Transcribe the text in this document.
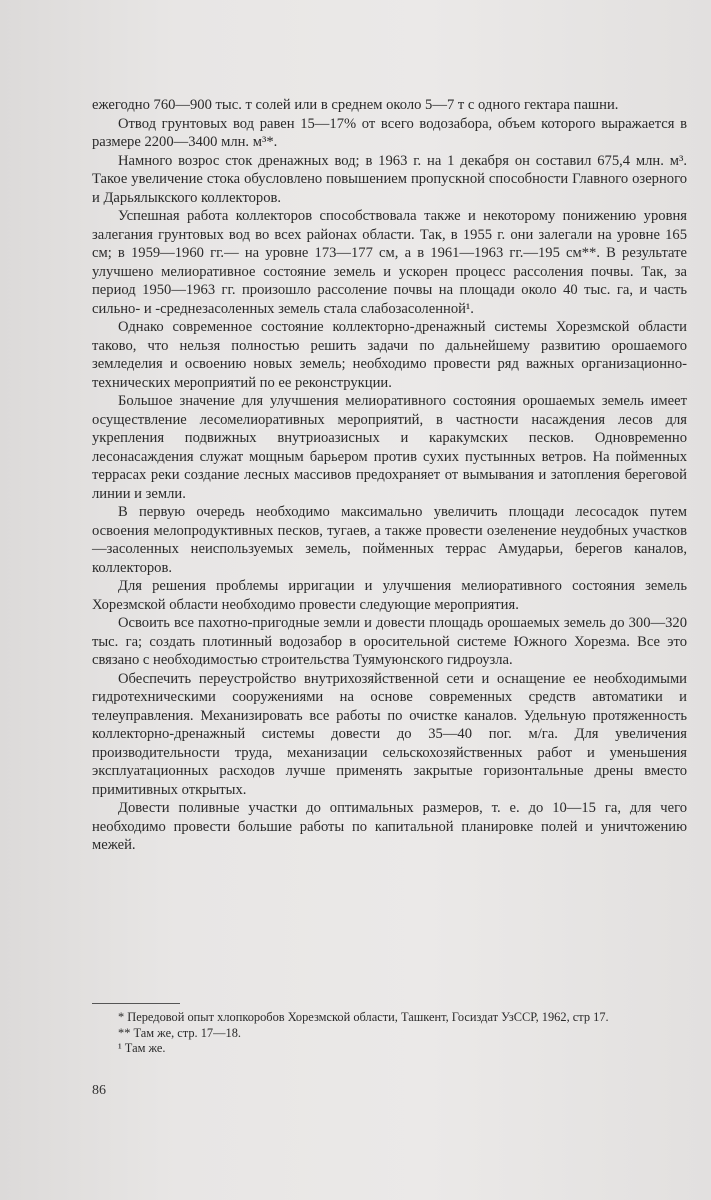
ежегодно 760—900 тыс. т солей или в среднем около 5—7 т с одного гектара пашни.

Отвод грунтовых вод равен 15—17% от всего водозабора, объем которого выражается в размере 2200—3400 млн. м³*.

Намного возрос сток дренажных вод; в 1963 г. на 1 декабря он составил 675,4 млн. м³. Такое увеличение стока обусловлено повышением пропускной способности Главного озерного и Дарьялыкского коллекторов.

Успешная работа коллекторов способствовала также и некоторому понижению уровня залегания грунтовых вод во всех районах области. Так, в 1955 г. они залегали на уровне 165 см; в 1959—1960 гг.— на уровне 173—177 см, а в 1961—1963 гг.—195 см**. В результате улучшено мелиоративное состояние земель и ускорен процесс рассоления почвы. Так, за период 1950—1963 гг. произошло рассоление почвы на площади около 40 тыс. га, и часть сильно- и -среднезасоленных земель стала слабозасоленной¹.

Однако современное состояние коллекторно-дренажный системы Хорезмской области таково, что нельзя полностью решить задачи по дальнейшему развитию орошаемого земледелия и освоению новых земель; необходимо провести ряд важных организационно-технических мероприятий по ее реконструкции.

Большое значение для улучшения мелиоративного состояния орошаемых земель имеет осуществление лесомелиоративных мероприятий, в частности насаждения лесов для укрепления подвижных внутриоазисных и каракумских песков. Одновременно лесонасаждения служат мощным барьером против сухих пустынных ветров. На пойменных террасах реки создание лесных массивов предохраняет от вымывания и затопления береговой линии и земли.

В первую очередь необходимо максимально увеличить площади лесосадок путем освоения мелопродуктивных песков, тугаев, а также провести озеленение неудобных участков—засоленных неиспользуемых земель, пойменных террас Амударьи, берегов каналов, коллекторов.

Для решения проблемы ирригации и улучшения мелиоративного состояния земель Хорезмской области необходимо провести следующие мероприятия.

Освоить все пахотно-пригодные земли и довести площадь орошаемых земель до 300—320 тыс. га; создать плотинный водозабор в оросительной системе Южного Хорезма. Все это связано с необходимостью строительства Туямуюнского гидроузла.

Обеспечить переустройство внутрихозяйственной сети и оснащение ее необходимыми гидротехническими сооружениями на основе современных средств автоматики и телеуправления. Механизировать все работы по очистке каналов. Удельную протяженность коллекторно-дренажный системы довести до 35—40 пог. м/га. Для увеличения производительности труда, механизации сельскохозяйственных работ и уменьшения эксплуатационных расходов лучше применять закрытые горизонтальные дрены вместо примитивных открытых.

Довести поливные участки до оптимальных размеров, т. е. до 10—15 га, для чего необходимо провести большие работы по капитальной планировке полей и уничтожению межей.

* Передовой опыт хлопкоробов Хорезмской области, Ташкент, Госиздат УзССР, 1962, стр 17.

** Там же, стр. 17—18.

¹ Там же.

86
